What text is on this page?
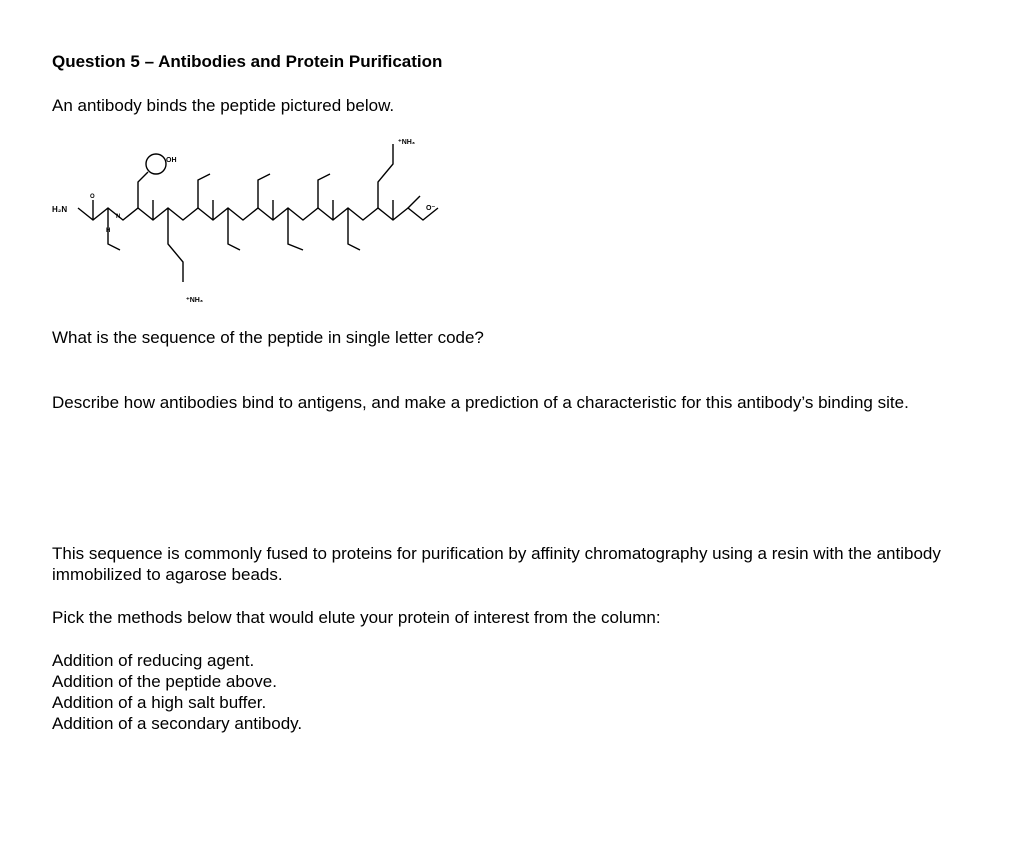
Question 5 – Antibodies and Protein Purification
An antibody binds the peptide pictured below.
H₂N
OH
⁺NH₃
⁺NH₃
O⁻
H
N
O
What is the sequence of the peptide in single letter code?
Describe how antibodies bind to antigens, and make a prediction of a characteristic for this antibody’s binding site.
This sequence is commonly fused to proteins for purification by affinity chromatography using a resin with the antibody immobilized to agarose beads.
Pick the methods below that would elute your protein of interest from the column:
Addition of reducing agent.
Addition of the peptide above.
Addition of a high salt buffer.
Addition of a secondary antibody.
